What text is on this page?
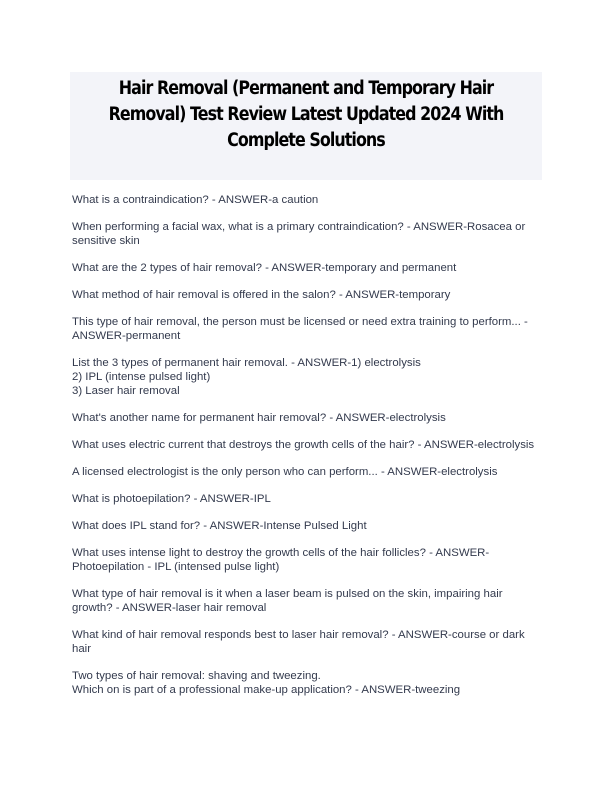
Hair Removal (Permanent and Temporary Hair Removal) Test Review Latest Updated 2024 With Complete Solutions

What is a contraindication? - ANSWER-a caution

When performing a facial wax, what is a primary contraindication? - ANSWER-Rosacea or sensitive skin

What are the 2 types of hair removal? - ANSWER-temporary and permanent

What method of hair removal is offered in the salon? - ANSWER-temporary

This type of hair removal, the person must be licensed or need extra training to perform... - ANSWER-permanent

List the 3 types of permanent hair removal. - ANSWER-1) electrolysis
2) IPL (intense pulsed light)
3) Laser hair removal

What's another name for permanent hair removal? - ANSWER-electrolysis

What uses electric current that destroys the growth cells of the hair? - ANSWER-electrolysis

A licensed electrologist is the only person who can perform... - ANSWER-electrolysis

What is photoepilation? - ANSWER-IPL

What does IPL stand for? - ANSWER-Intense Pulsed Light

What uses intense light to destroy the growth cells of the hair follicles? - ANSWER-Photoepilation - IPL (intensed pulse light)

What type of hair removal is it when a laser beam is pulsed on the skin, impairing hair growth? - ANSWER-laser hair removal

What kind of hair removal responds best to laser hair removal? - ANSWER-course or dark hair

Two types of hair removal: shaving and tweezing.
Which on is part of a professional make-up application? - ANSWER-tweezing
